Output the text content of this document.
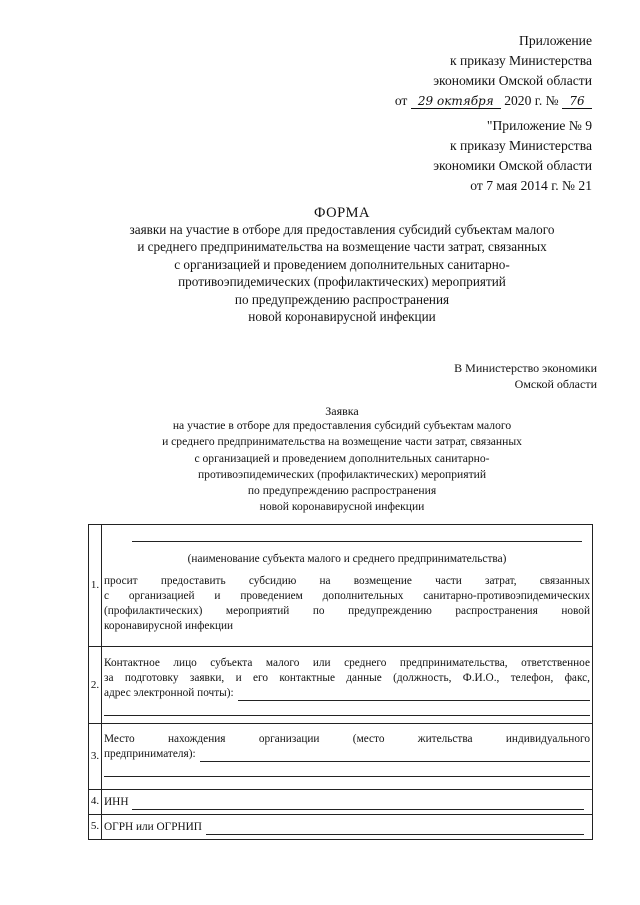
Приложение
к приказу Министерства
экономики Омской области
от 29 октября 2020 г. № 76
"Приложение № 9
к приказу Министерства
экономики Омской области
от 7 мая 2014 г. № 21
ФОРМА
заявки на участие в отборе для предоставления субсидий субъектам малого
и среднего предпринимательства на возмещение части затрат, связанных
с организацией и проведением дополнительных санитарно-
противоэпидемических (профилактических) мероприятий
по предупреждению распространения
новой коронавирусной инфекции
В Министерство экономики
Омской области
Заявка
на участие в отборе для предоставления субсидий субъектам малого
и среднего предпринимательства на возмещение части затрат, связанных
с организацией и проведением дополнительных санитарно-
противоэпидемических (профилактических) мероприятий
по предупреждению распространения
новой коронавирусной инфекции
1.	(наименование субъекта малого и среднего предпринимательства)
просит предоставить субсидию на возмещение части затрат, связанных
с организацией и проведением дополнительных санитарно-противоэпидемических
(профилактических) мероприятий по предупреждению распространения новой
коронавирусной инфекции

2.	Контактное лицо субъекта малого или среднего предпринимательства, ответственное
за подготовку заявки, и его контактные данные (должность, Ф.И.О., телефон, факс,
адрес электронной почты):

3.	Место нахождения организации (место жительства индивидуального
предпринимателя):

4.	ИНН

5.	ОГРН или ОГРНИП
